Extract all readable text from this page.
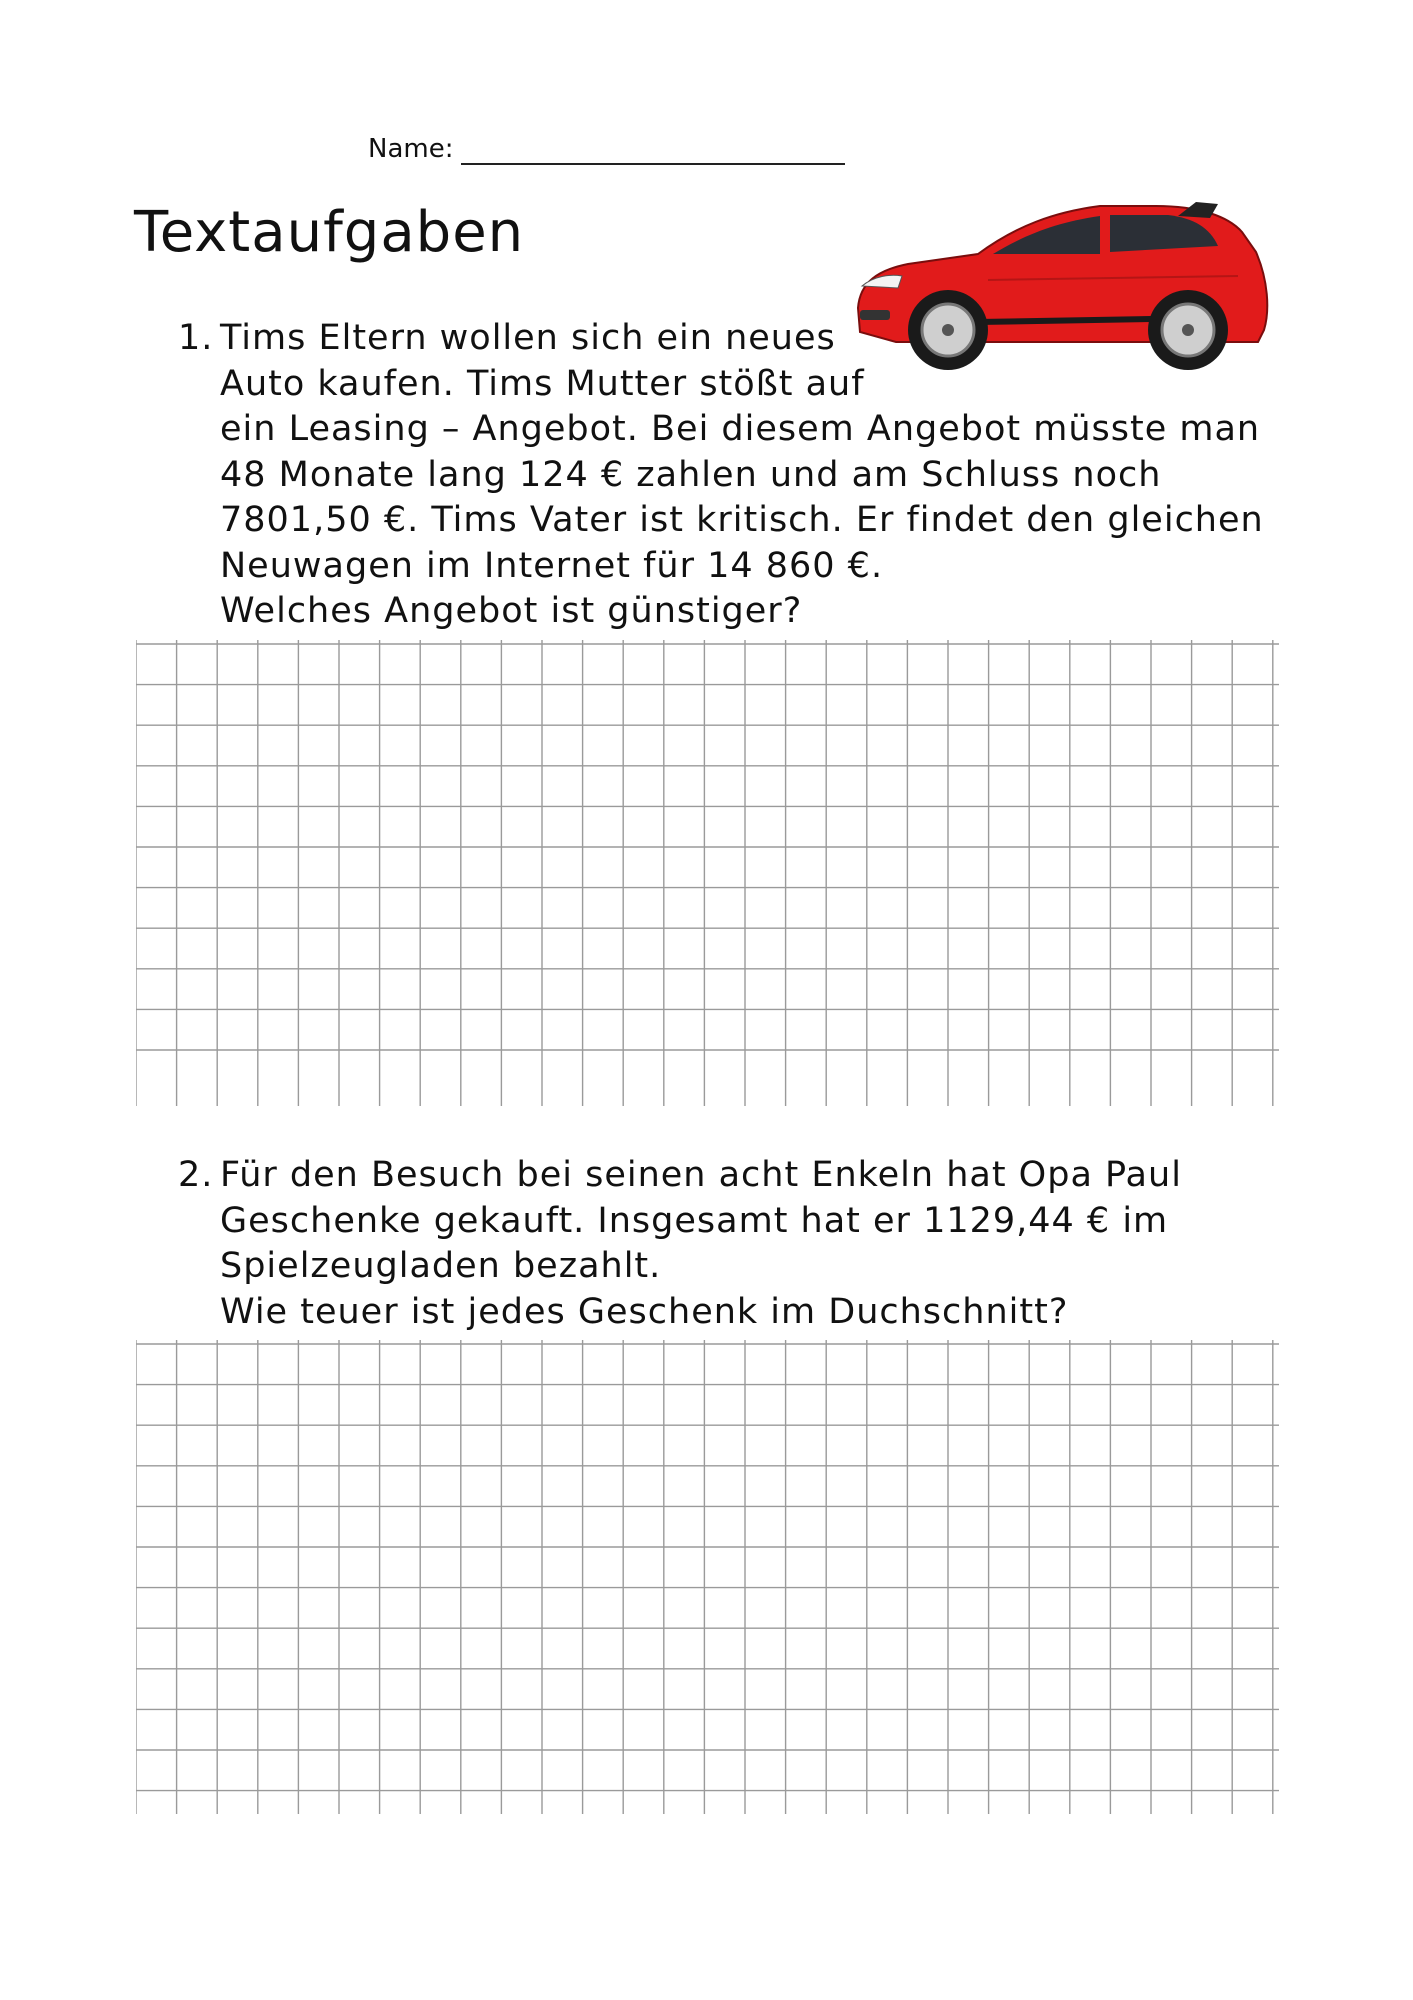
Name:
Textaufgaben
1. Tims Eltern wollen sich ein neues
Auto kaufen. Tims Mutter stößt auf
ein Leasing – Angebot. Bei diesem Angebot müsste man
48 Monate lang 124 € zahlen und am Schluss noch
7801,50 €. Tims Vater ist kritisch. Er findet den gleichen
Neuwagen im Internet für 14 860 €.
Welches Angebot ist günstiger?
2. Für den Besuch bei seinen acht Enkeln hat Opa Paul
Geschenke gekauft. Insgesamt hat er 1129,44 € im
Spielzeugladen bezahlt.
Wie teuer ist jedes Geschenk im Duchschnitt?
